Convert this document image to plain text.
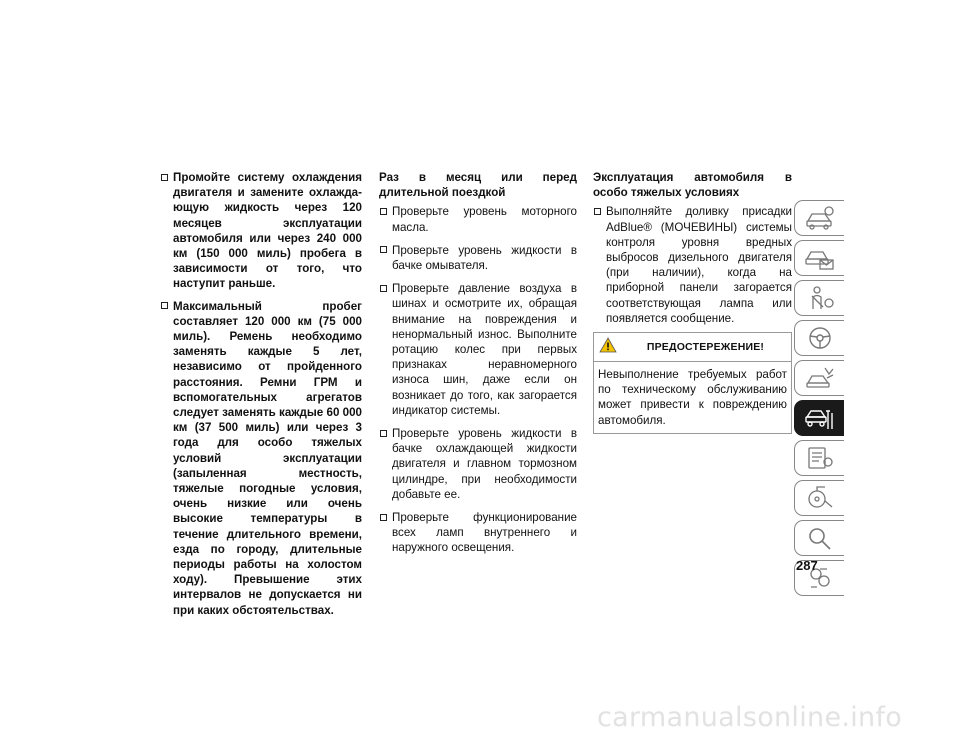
Промойте систему охлаждения двигателя и замените охлаждающую жидкость через 120 месяцев эксплуатации автомобиля или через 240 000 км (150 000 миль) пробега в зависимости от того, что наступит раньше.
Максимальный пробег составляет 120 000 км (75 000 миль). Ремень необходимо заменять каждые 5 лет, независимо от пройденного расстояния. Ремни ГРМ и вспомогательных агрегатов следует заменять каждые 60 000 км (37 500 миль) или через 3 года для особо тяжелых условий эксплуатации (запыленная местность, тяжелые погодные условия, очень низкие или очень высокие температуры в течение длительного времени, езда по городу, длительные периоды работы на холостом ходу). Превышение этих интервалов не допускается ни при каких обстоятельствах.
Раз в месяц или перед длительной поездкой
Проверьте уровень моторного масла.
Проверьте уровень жидкости в бачке омывателя.
Проверьте давление воздуха в шинах и осмотрите их, обращая внимание на повреждения и ненормальный износ. Выполните ротацию колес при первых признаках неравномерного износа шин, даже если он возникает до того, как загорается индикатор системы.
Проверьте уровень жидкости в бачке охлаждающей жидкости двигателя и главном тормозном цилиндре, при необходимости добавьте ее.
Проверьте функционирование всех ламп внутреннего и наружного освещения.
Эксплуатация автомобиля в особо тяжелых условиях
Выполняйте доливку присадки AdBlue® (МОЧЕВИНЫ) системы контроля уровня вредных выбросов дизельного двигателя (при наличии), когда на приборной панели загорается соответствующая лампа или появляется сообщение.
ПРЕДОСТЕРЕЖЕНИЕ!
Невыполнение требуемых работ по техническому обслуживанию может привести к повреждению автомобиля.
287
carmanualsonline.info
